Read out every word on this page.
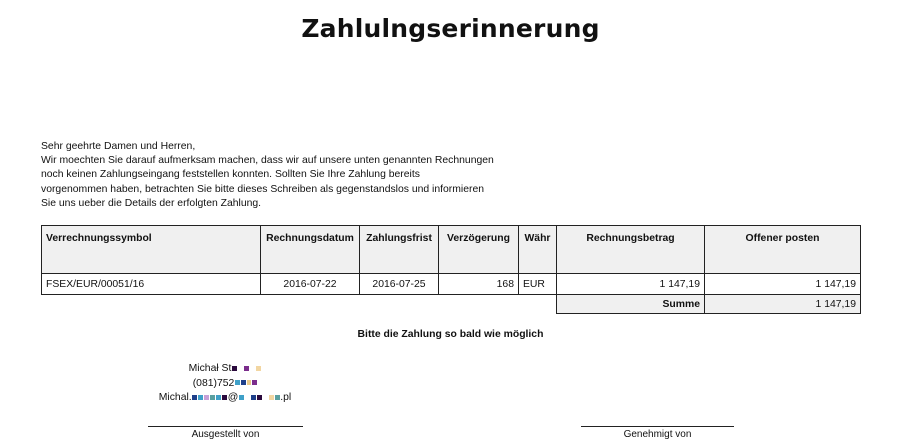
Zahlulngserinnerung
Sehr geehrte Damen und Herren,
Wir moechten Sie darauf aufmerksam machen, dass wir auf unsere unten genannten Rechnungen
noch keinen Zahlungseingang feststellen konnten. Sollten Sie Ihre Zahlung bereits
vorgenommen haben, betrachten Sie bitte dieses Schreiben als gegenstandslos und informieren
Sie uns ueber die Details der erfolgten Zahlung.
Verrechnungssymbol	Rechnungsdatum	Zahlungsfrist	Verzögerung	Währ	Rechnungsbetrag	Offener posten
FSEX/EUR/00051/16	2016-07-22	2016-07-25	168	EUR	1 147,19	1 147,19
					Summe	1 147,19
Bitte die Zahlung so bald wie möglich
Michał St
(081)752
Michal.	@	.pl
Ausgestellt von	Genehmigt von
